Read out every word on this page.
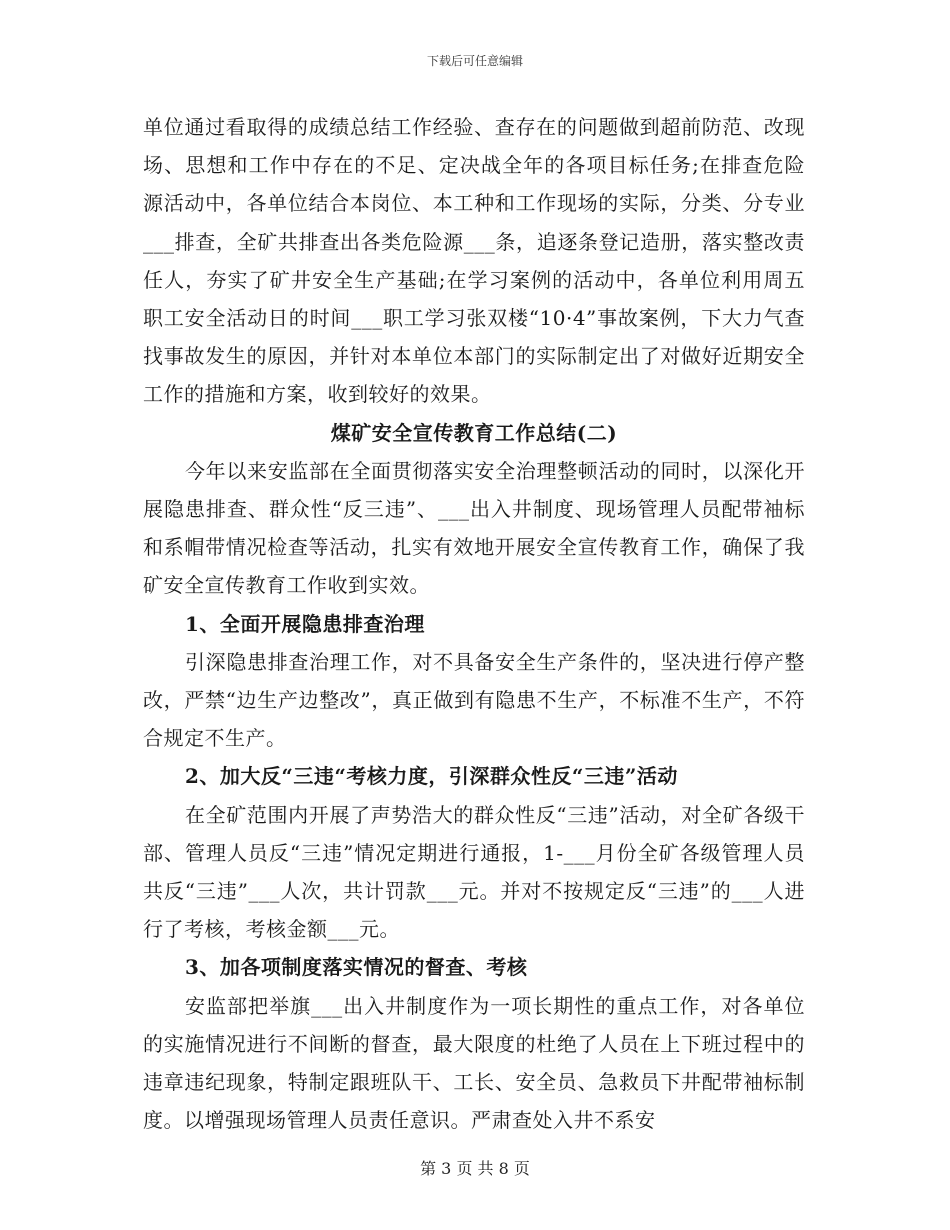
下载后可任意编辑

单位通过看取得的成绩总结工作经验、查存在的问题做到超前防范、改现场、思想和工作中存在的不足、定决战全年的各项目标任务;在排查危险源活动中，各单位结合本岗位、本工种和工作现场的实际，分类、分专业___排查，全矿共排查出各类危险源___条，追逐条登记造册，落实整改责任人，夯实了矿井安全生产基础;在学习案例的活动中，各单位利用周五职工安全活动日的时间___职工学习张双楼“10·4”事故案例，下大力气查找事故发生的原因，并针对本单位本部门的实际制定出了对做好近期安全工作的措施和方案，收到较好的效果。

煤矿安全宣传教育工作总结(二)

今年以来安监部在全面贯彻落实安全治理整顿活动的同时，以深化开展隐患排查、群众性“反三违”、___出入井制度、现场管理人员配带袖标和系帽带情况检查等活动，扎实有效地开展安全宣传教育工作，确保了我矿安全宣传教育工作收到实效。

1、全面开展隐患排查治理

引深隐患排查治理工作，对不具备安全生产条件的，坚决进行停产整改，严禁“边生产边整改”，真正做到有隐患不生产，不标准不生产，不符合规定不生产。

2、加大反“三违“考核力度，引深群众性反“三违”活动

在全矿范围内开展了声势浩大的群众性反“三违”活动，对全矿各级干部、管理人员反“三违”情况定期进行通报，1-___月份全矿各级管理人员共反“三违”___人次，共计罚款___元。并对不按规定反“三违”的___人进行了考核，考核金额___元。

3、加各项制度落实情况的督查、考核

安监部把举旗___出入井制度作为一项长期性的重点工作，对各单位的实施情况进行不间断的督查，最大限度的杜绝了人员在上下班过程中的违章违纪现象，特制定跟班队干、工长、安全员、急救员下井配带袖标制度。以增强现场管理人员责任意识。严肃查处入井不系安

第 3 页 共 8 页
